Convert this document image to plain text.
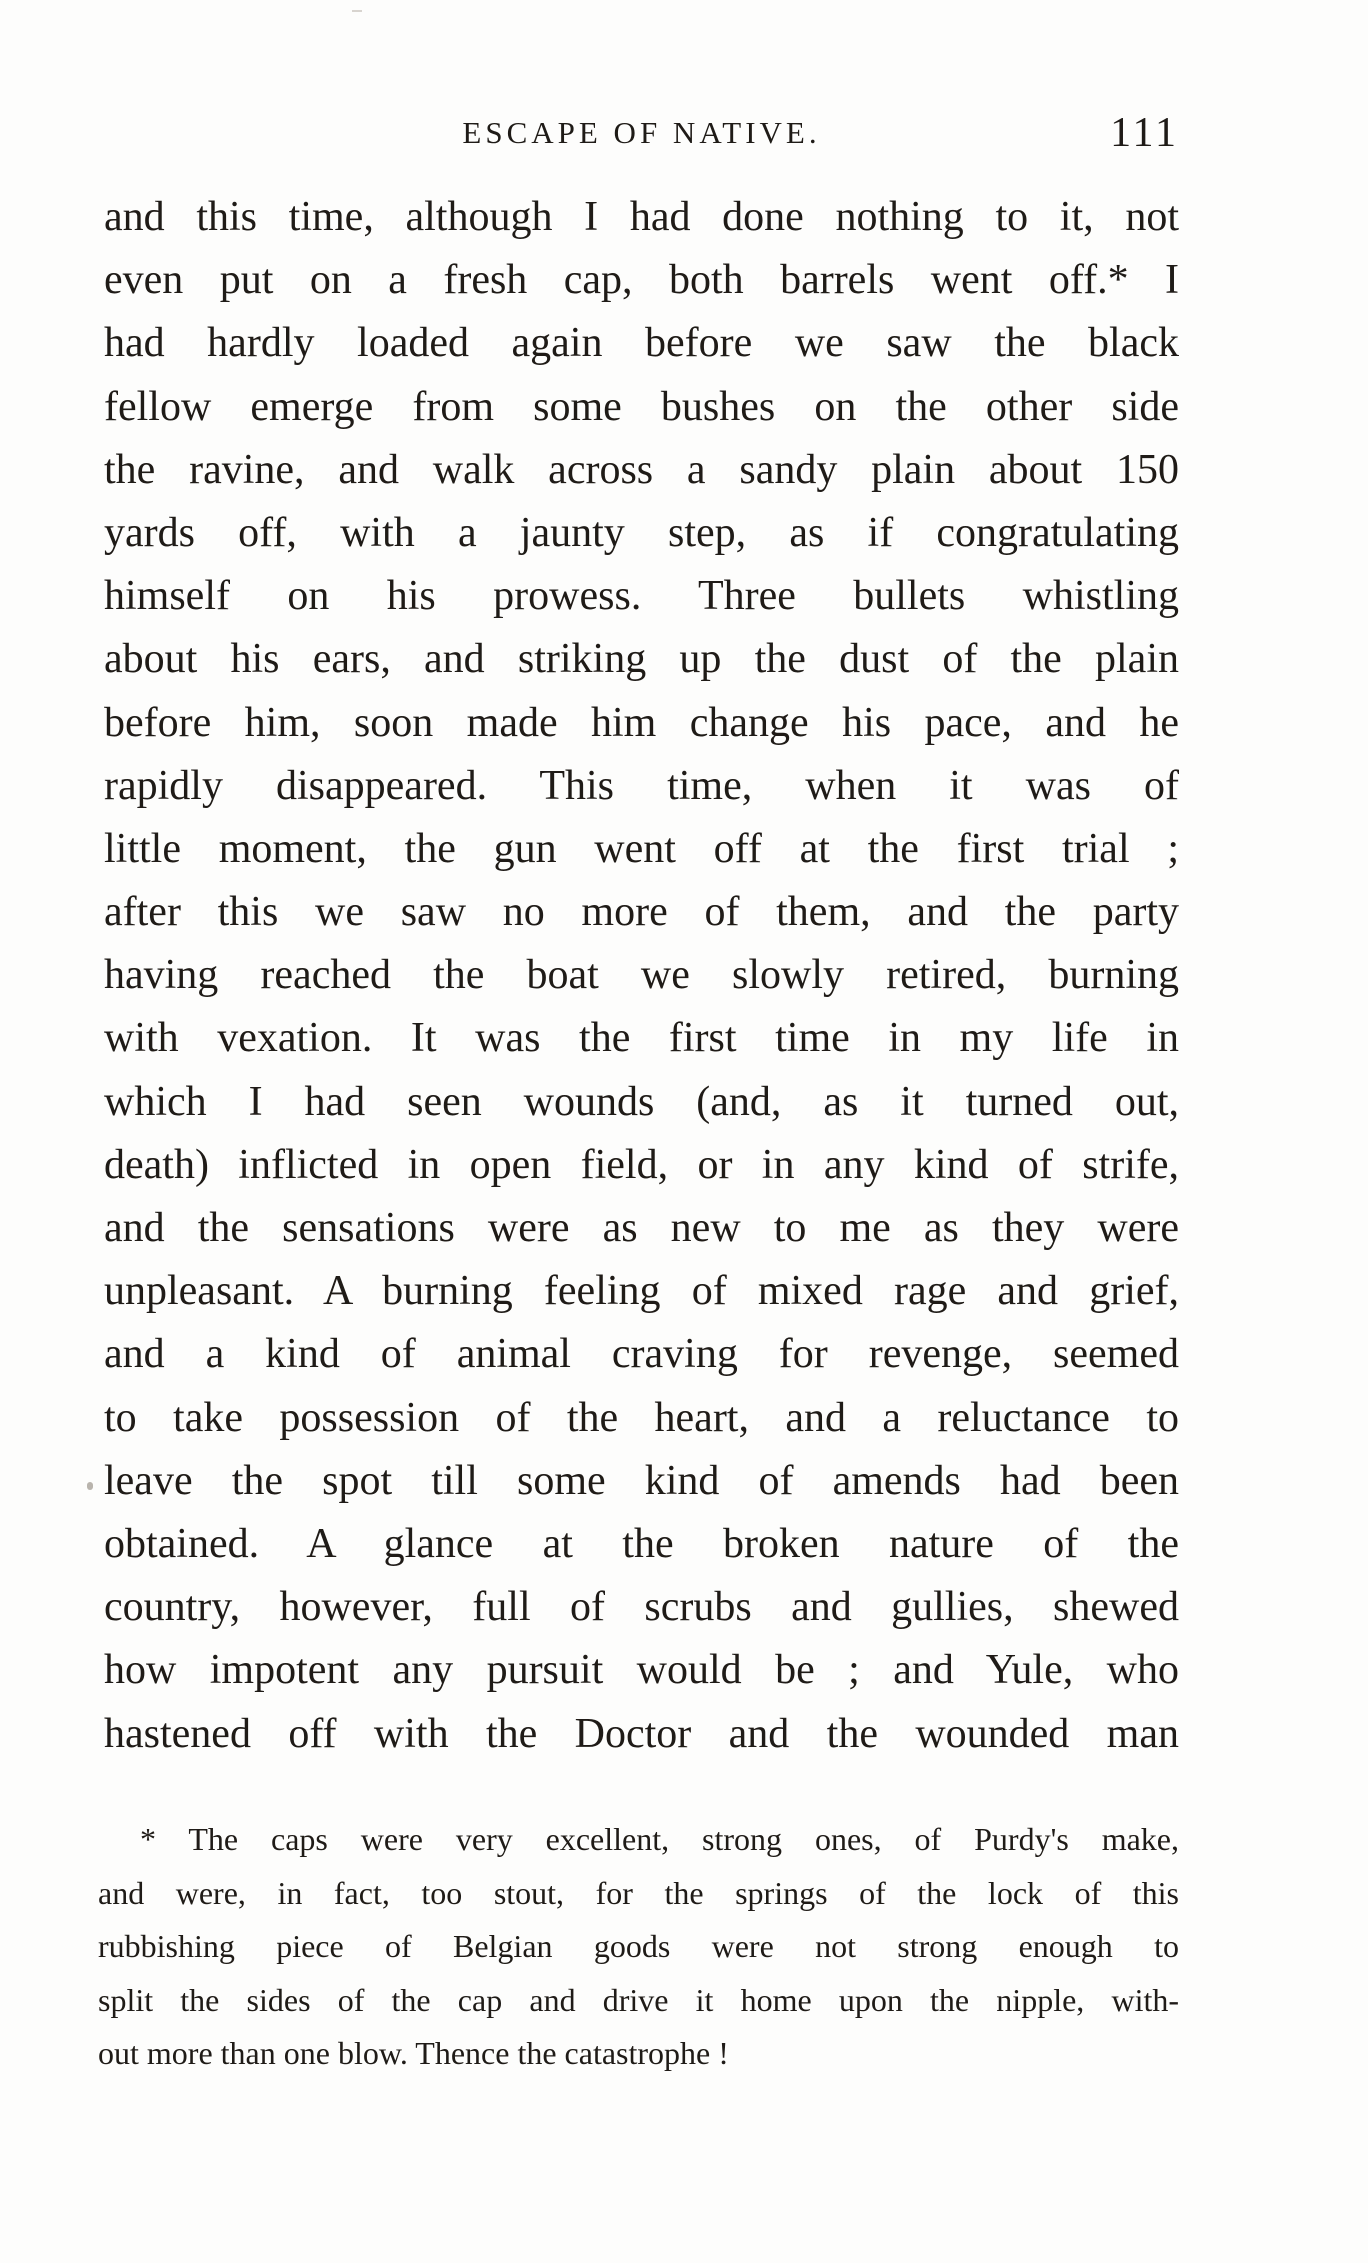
ESCAPE OF NATIVE.	111
and this time, although I had done nothing to it, not
even put on a fresh cap, both barrels went off.* I
had hardly loaded again before we saw the black
fellow emerge from some bushes on the other side
the ravine, and walk across a sandy plain about 150
yards off, with a jaunty step, as if congratulating
himself on his prowess. Three bullets whistling
about his ears, and striking up the dust of the plain
before him, soon made him change his pace, and he
rapidly disappeared. This time, when it was of
little moment, the gun went off at the first trial ;
after this we saw no more of them, and the party
having reached the boat we slowly retired, burning
with vexation. It was the first time in my life in
which I had seen wounds (and, as it turned out,
death) inflicted in open field, or in any kind of strife,
and the sensations were as new to me as they were
unpleasant. A burning feeling of mixed rage and grief,
and a kind of animal craving for revenge, seemed
to take possession of the heart, and a reluctance to
leave the spot till some kind of amends had been
obtained. A glance at the broken nature of the
country, however, full of scrubs and gullies, shewed
how impotent any pursuit would be ; and Yule, who
hastened off with the Doctor and the wounded man
* The caps were very excellent, strong ones, of Purdy's make,
and were, in fact, too stout, for the springs of the lock of this
rubbishing piece of Belgian goods were not strong enough to
split the sides of the cap and drive it home upon the nipple, with-
out more than one blow. Thence the catastrophe !
